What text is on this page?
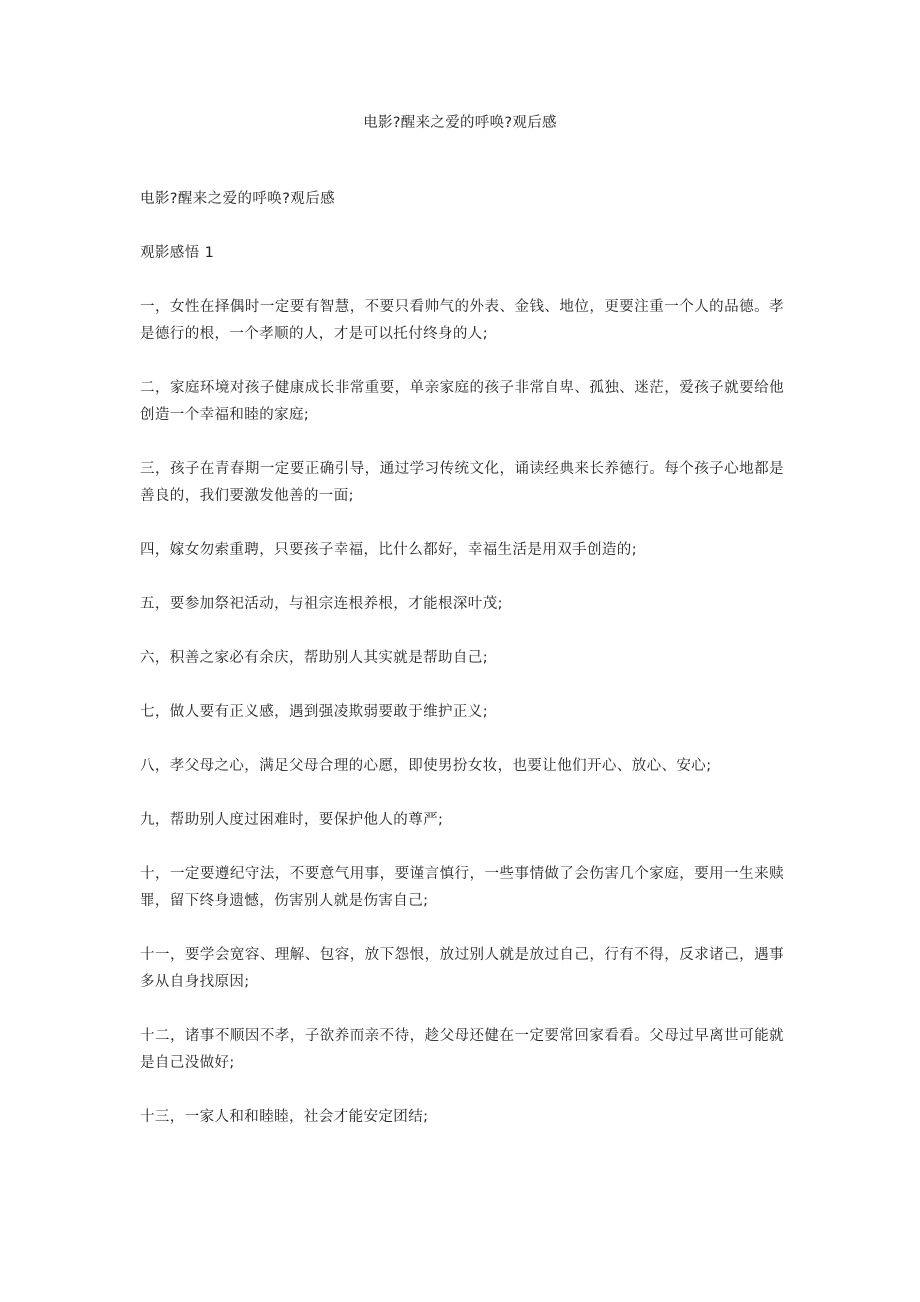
电影?醒来之爱的呼唤?观后感

电影?醒来之爱的呼唤?观后感

观影感悟 1

一，女性在择偶时一定要有智慧，不要只看帅气的外表、金钱、地位，更要注重一个人的品德。孝是德行的根，一个孝顺的人，才是可以托付终身的人;

二，家庭环境对孩子健康成长非常重要，单亲家庭的孩子非常自卑、孤独、迷茫，爱孩子就要给他创造一个幸福和睦的家庭;

三，孩子在青春期一定要正确引导，通过学习传统文化，诵读经典来长养德行。每个孩子心地都是善良的，我们要激发他善的一面;

四，嫁女勿索重聘，只要孩子幸福，比什么都好，幸福生活是用双手创造的;

五，要参加祭祀活动，与祖宗连根养根，才能根深叶茂;

六，积善之家必有余庆，帮助别人其实就是帮助自己;

七，做人要有正义感，遇到强凌欺弱要敢于维护正义;

八，孝父母之心，满足父母合理的心愿，即使男扮女妆，也要让他们开心、放心、安心;

九，帮助别人度过困难时，要保护他人的尊严;

十，一定要遵纪守法，不要意气用事，要谨言慎行，一些事情做了会伤害几个家庭，要用一生来赎罪，留下终身遗憾，伤害别人就是伤害自己;

十一，要学会宽容、理解、包容，放下怨恨，放过别人就是放过自己，行有不得，反求诸己，遇事多从自身找原因;

十二，诸事不顺因不孝，子欲养而亲不待，趁父母还健在一定要常回家看看。父母过早离世可能就是自己没做好;

十三，一家人和和睦睦，社会才能安定团结;
